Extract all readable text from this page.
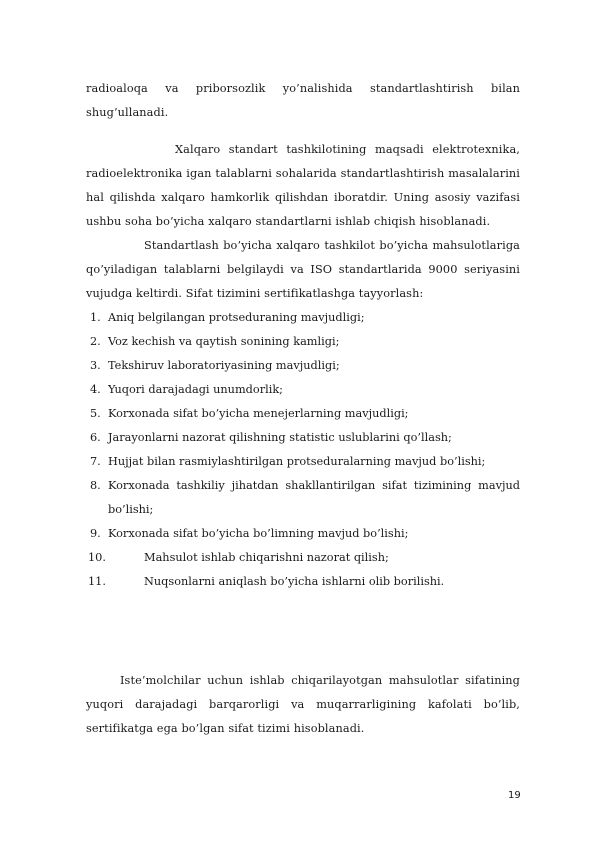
radioaloqa va priborsozlik yo’nalishida standartlashtirish bilan shug’ullanadi.

Xalqaro standart tashkilotining maqsadi elektrotexnika, radioelektronika igan talablarni sohalarida standartlashtirish masalalarini hal qilishda xalqaro hamkorlik qilishdan iboratdir. Uning asosiy vazifasi ushbu soha bo’yicha xalqaro standartlarni ishlab chiqish hisoblanadi.

Standartlash bo’yicha xalqaro tashkilot bo’yicha mahsulotlariga qo’yiladigan talablarni belgilaydi va ISO standartlarida 9000 seriyasini vujudga keltirdi. Sifat tizimini sertifikatlashga tayyorlash:

1. Aniq belgilangan protseduraning mavjudligi;
2. Voz kechish va qaytish sonining kamligi;
3. Tekshiruv laboratoriyasining mavjudligi;
4. Yuqori darajadagi unumdorlik;
5. Korxonada sifat bo’yicha menejerlarning mavjudligi;
6. Jarayonlarni nazorat qilishning statistic uslublarini qo’llash;
7. Hujjat bilan rasmiylashtirilgan protseduralarning mavjud bo’lishi;
8. Korxonada tashkiliy jihatdan shakllantirilgan sifat tizimining mavjud bo’lishi;
9. Korxonada sifat bo’yicha bo’limning mavjud bo’lishi;
10.	Mahsulot ishlab chiqarishni nazorat qilish;
11.	Nuqsonlarni aniqlash bo’yicha ishlarni olib borilishi.

Iste’molchilar uchun ishlab chiqarilayotgan mahsulotlar sifatining yuqori darajadagi barqarorligi va muqarrarligining kafolati bo’lib, sertifikatga ega bo’lgan sifat tizimi hisoblanadi.

19
